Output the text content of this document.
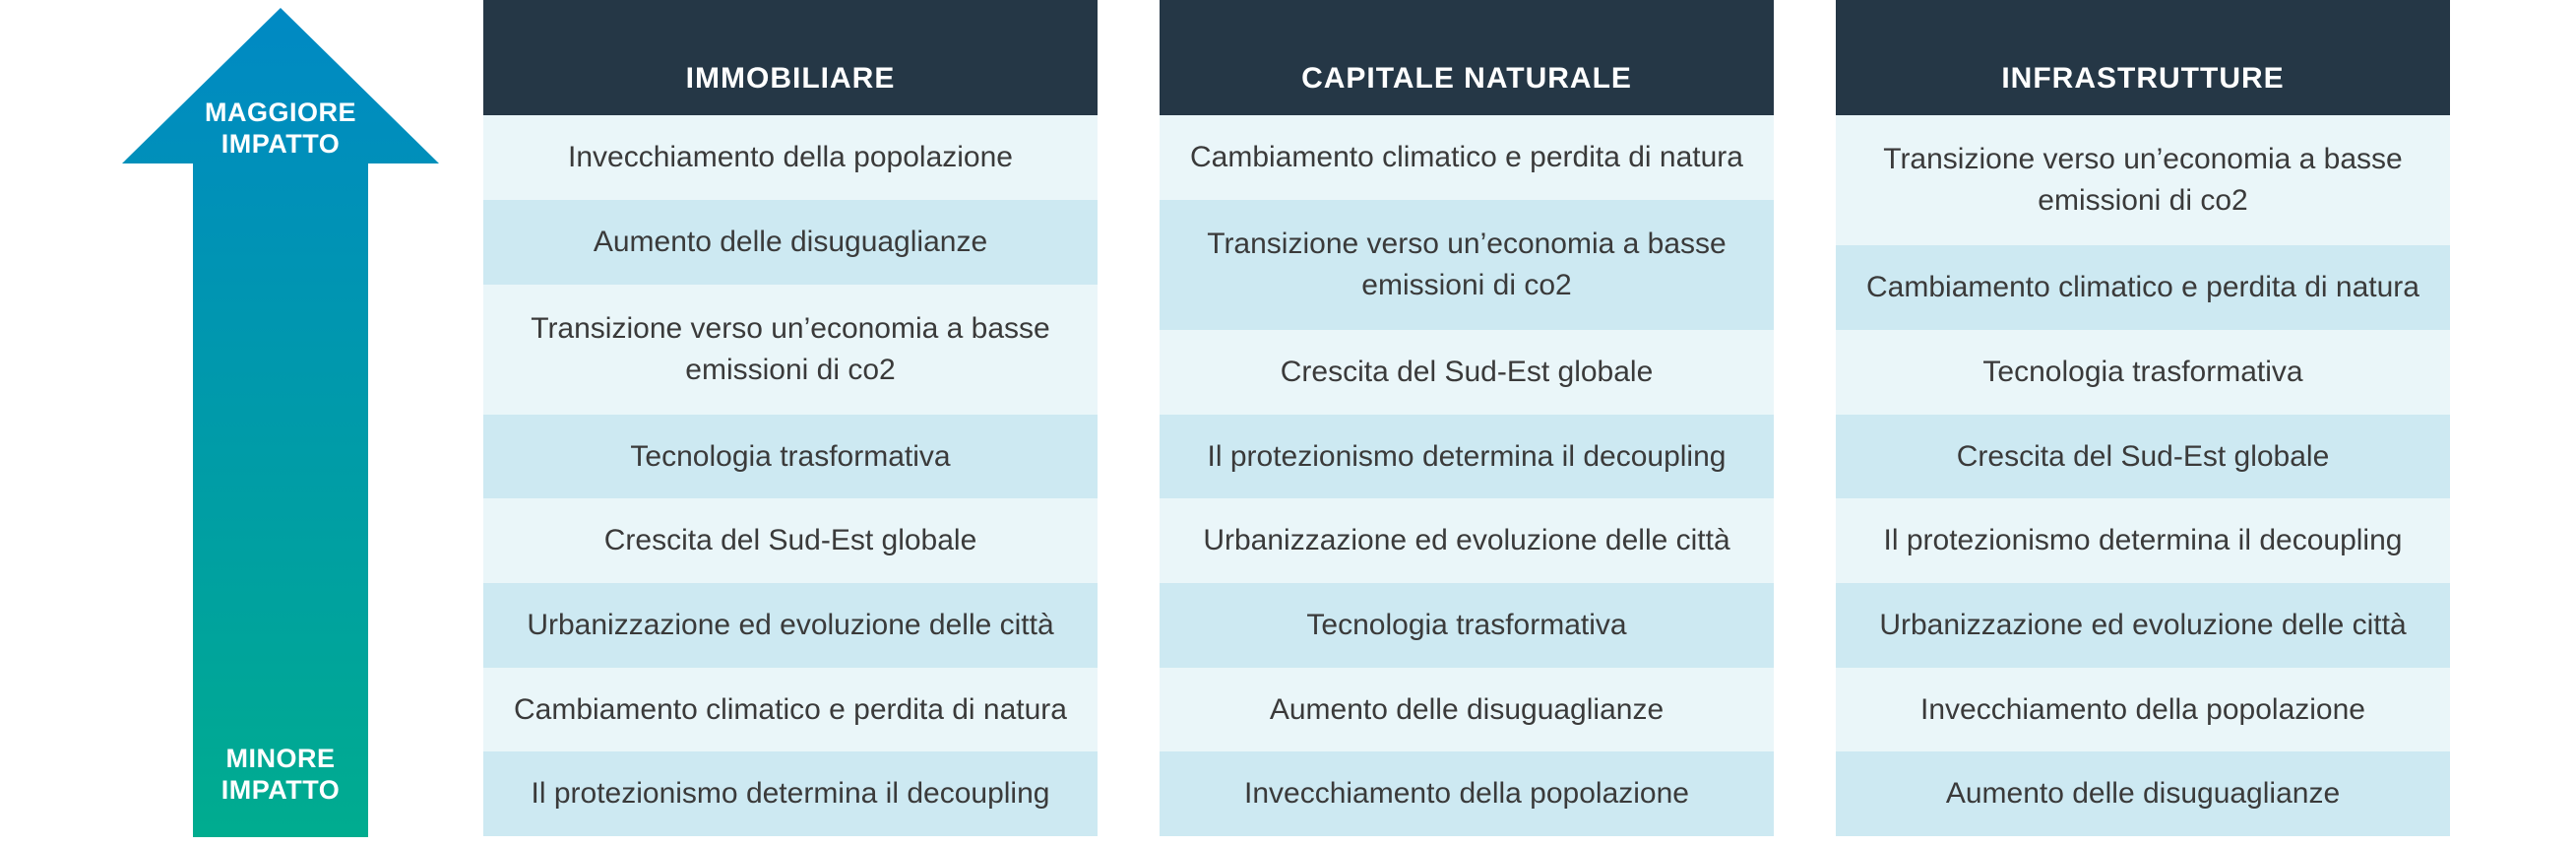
MAGGIORE
IMPATTO
MINORE
IMPATTO
IMMOBILIARE
Invecchiamento della popolazione
Aumento delle disuguaglianze
Transizione verso un’economia a basse emissioni di co2
Tecnologia trasformativa
Crescita del Sud-Est globale
Urbanizzazione ed evoluzione delle città
Cambiamento climatico e perdita di natura
Il protezionismo determina il decoupling
CAPITALE NATURALE
Cambiamento climatico e perdita di natura
Transizione verso un’economia a basse emissioni di co2
Crescita del Sud-Est globale
Il protezionismo determina il decoupling
Urbanizzazione ed evoluzione delle città
Tecnologia trasformativa
Aumento delle disuguaglianze
Invecchiamento della popolazione
INFRASTRUTTURE
Transizione verso un’economia a basse emissioni di co2
Cambiamento climatico e perdita di natura
Tecnologia trasformativa
Crescita del Sud-Est globale
Il protezionismo determina il decoupling
Urbanizzazione ed evoluzione delle città
Invecchiamento della popolazione
Aumento delle disuguaglianze
